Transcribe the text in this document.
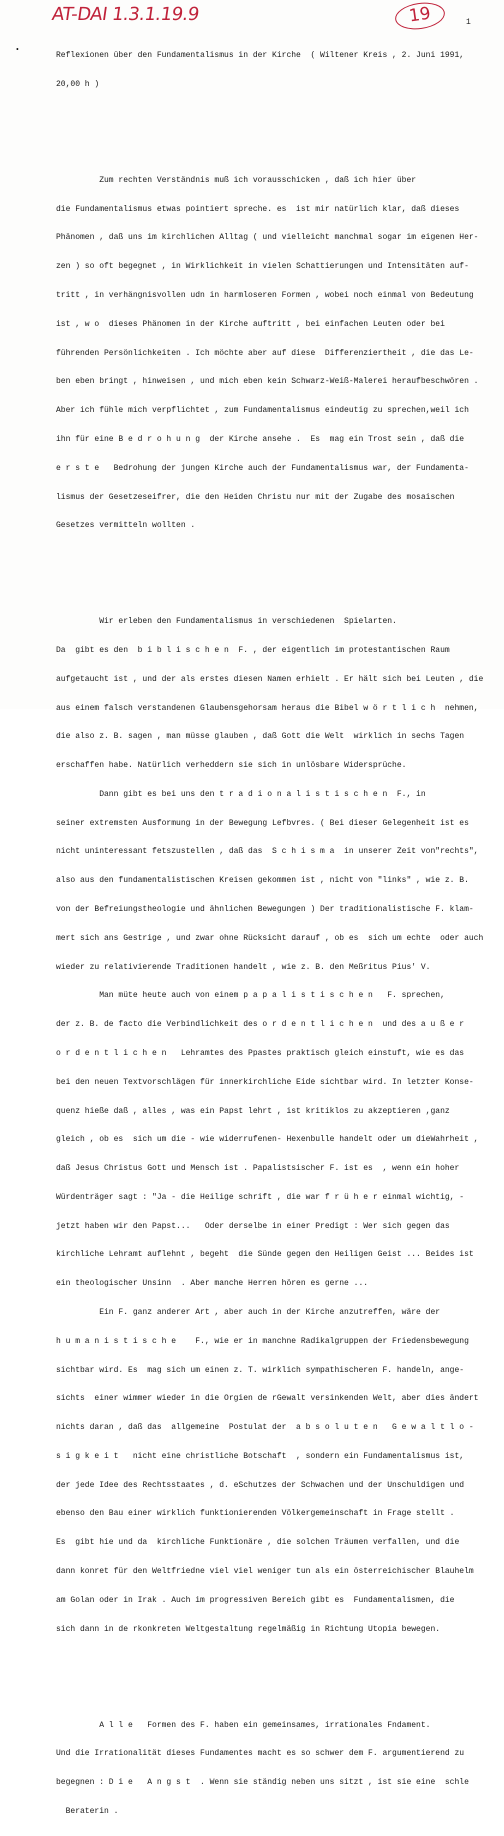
AT-DAI 1.3.1.19.9	19	1
•

Reflexionen über den Fundamentalismus in der Kirche  ( Wiltener Kreis , 2. Juni 1991,

20,00 h )

Zum rechten Verständnis muß ich vorausschicken , daß ich hier über

die Fundamentalismus etwas pointiert spreche. es  ist mir natürlich klar, daß dieses

Phänomen , daß uns im kirchlichen Alltag ( und vielleicht manchmal sogar im eigenen Her-

zen ) so oft begegnet , in Wirklichkeit in vielen Schattierungen und Intensitäten auf-

tritt , in verhängnisvollen udn in harmloseren Formen , wobei noch einmal von Bedeutung

ist , w o  dieses Phänomen in der Kirche auftritt , bei einfachen Leuten oder bei

führenden Persönlichkeiten . Ich möchte aber auf diese  Differenziertheit , die das Le-

ben eben bringt , hinweisen , und mich eben kein Schwarz-Weiß-Malerei heraufbeschwören .

Aber ich fühle mich verpflichtet , zum Fundamentalismus eindeutig zu sprechen,weil ich

ihn für eine B e d r o h u n g  der Kirche ansehe .  Es  mag ein Trost sein , daß die

e r s t e   Bedrohung der jungen Kirche auch der Fundamentalismus war, der Fundamenta-

lismus der Gesetzeseifrer, die den Heiden Christu nur mit der Zugabe des mosaischen

Gesetzes vermitteln wollten .

Wir erleben den Fundamentalismus in verschiedenen  Spielarten.

Da  gibt es den  b i b l i s c h e n  F. , der eigentlich im protestantischen Raum

aufgetaucht ist , und der als erstes diesen Namen erhielt . Er hält sich bei Leuten , die

aus einem falsch verstandenen Glaubensgehorsam heraus die Bibel w ö r t l i c h  nehmen,

die also z. B. sagen , man müsse glauben , daß Gott die Welt  wirklich in sechs Tagen

erschaffen habe. Natürlich verheddern sie sich in unlösbare Widersprüche.

Dann gibt es bei uns den t r a d i o n a l i s t i s c h e n  F., in

seiner extremsten Ausformung in der Bewegung Lefbvres. ( Bei dieser Gelegenheit ist es

nicht uninteressant fetszustellen , daß das  S c h i s m a  in unserer Zeit von"rechts",

also aus den fundamentalistischen Kreisen gekommen ist , nicht von "links" , wie z. B.

von der Befreiungstheologie und ähnlichen Bewegungen ) Der traditionalistische F. klam-

mert sich ans Gestrige , und zwar ohne Rücksicht darauf , ob es  sich um echte  oder auch

wieder zu relativierende Traditionen handelt , wie z. B. den Meßritus Pius' V.

Man müte heute auch von einem p a p a l i s t i s c h e n   F. sprechen,

der z. B. de facto die Verbindlichkeit des o r d e n t l i c h e n  und des a u ß e r

o r d e n t l i c h e n   Lehramtes des Ppastes praktisch gleich einstuft, wie es das

bei den neuen Textvorschlägen für innerkirchliche Eide sichtbar wird. In letzter Konse-

quenz hieße daß , alles , was ein Papst lehrt , ist kritiklos zu akzeptieren ,ganz

gleich , ob es  sich um die - wie widerrufenen- Hexenbulle handelt oder um dieWahrheit ,

daß Jesus Christus Gott und Mensch ist . Papalistsischer F. ist es  , wenn ein hoher

Würdenträger sagt : "Ja - die Heilige schrift , die war f r ü h e r einmal wichtig, -

jetzt haben wir den Papst...   Oder derselbe in einer Predigt : Wer sich gegen das

kirchliche Lehramt auflehnt , begeht  die Sünde gegen den Heiligen Geist ... Beides ist

ein theologischer Unsinn  . Aber manche Herren hören es gerne ...

Ein F. ganz anderer Art , aber auch in der Kirche anzutreffen, wäre der

h u m a n i s t i s c h e    F., wie er in manchne Radikalgruppen der Friedensbewegung

sichtbar wird. Es  mag sich um einen z. T. wirklich sympathischeren F. handeln, ange-

sichts  einer wimmer wieder in die Orgien de rGewalt versinkenden Welt, aber dies ändert

nichts daran , daß das  allgemeine  Postulat der  a b s o l u t e n   G e w a l t l o -

s i g k e i t   nicht eine christliche Botschaft  , sondern ein Fundamentalismus ist,

der jede Idee des Rechtsstaates , d. eSchutzes der Schwachen und der Unschuldigen und

ebenso den Bau einer wirklich funktionierenden Völkergemeinschaft in Frage stellt .

Es  gibt hie und da  kirchliche Funktionäre , die solchen Träumen verfallen, und die

dann konret für den Weltfriedne viel viel weniger tun als ein österreichischer Blauhelm

am Golan oder in Irak . Auch im progressiven Bereich gibt es  Fundamentalismen, die

sich dann in de rkonkreten Weltgestaltung regelmäßig in Richtung Utopia bewegen.

A l l e   Formen des F. haben ein gemeinsames, irrationales Fndament.

Und die Irrationalität dieses Fundamentes macht es so schwer dem F. argumentierend zu

begegnen : D i e   A n g s t  . Wenn sie ständig neben uns sitzt , ist sie eine  schle

Beraterin .
